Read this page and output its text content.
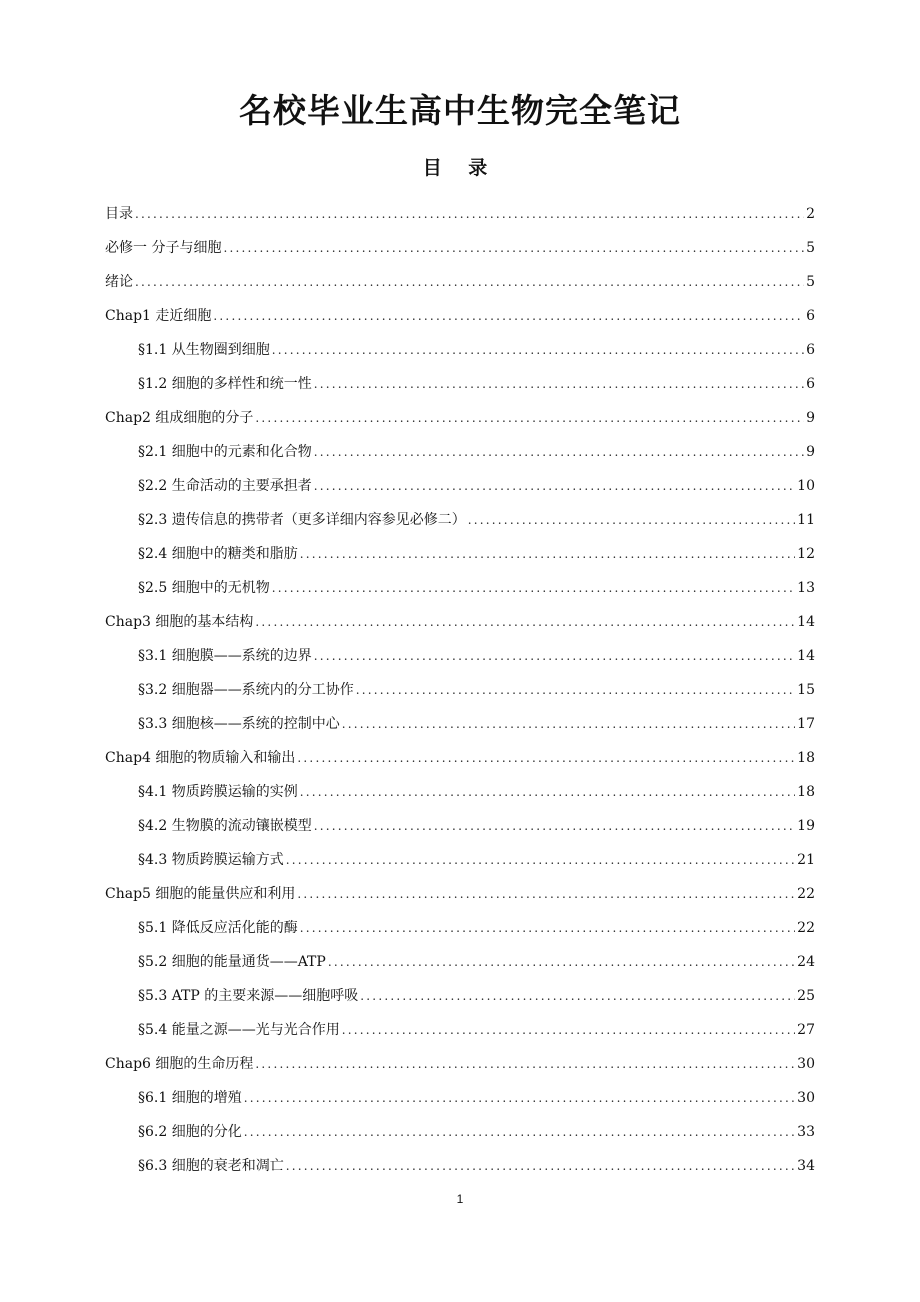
名校毕业生高中生物完全笔记
目 录
目录 .....	2
必修一 分子与细胞 .....	5
绪论 .....	5
Chap1 走近细胞 .....	6
§1.1 从生物圈到细胞 .....	6
§1.2 细胞的多样性和统一性 .....	6
Chap2 组成细胞的分子 .....	9
§2.1 细胞中的元素和化合物 .....	9
§2.2 生命活动的主要承担者 .....	10
§2.3 遗传信息的携带者（更多详细内容参见必修二） .....	11
§2.4 细胞中的糖类和脂肪 .....	12
§2.5 细胞中的无机物 .....	13
Chap3 细胞的基本结构 .....	14
§3.1 细胞膜——系统的边界 .....	14
§3.2 细胞器——系统内的分工协作 .....	15
§3.3 细胞核——系统的控制中心 .....	17
Chap4 细胞的物质输入和输出 .....	18
§4.1 物质跨膜运输的实例 .....	18
§4.2 生物膜的流动镶嵌模型 .....	19
§4.3 物质跨膜运输方式 .....	21
Chap5 细胞的能量供应和利用 .....	22
§5.1 降低反应活化能的酶 .....	22
§5.2 细胞的能量通货——ATP .....	24
§5.3 ATP 的主要来源——细胞呼吸 .....	25
§5.4 能量之源——光与光合作用 .....	27
Chap6 细胞的生命历程 .....	30
§6.1 细胞的增殖 .....	30
§6.2 细胞的分化 .....	33
§6.3 细胞的衰老和凋亡 .....	34
1
